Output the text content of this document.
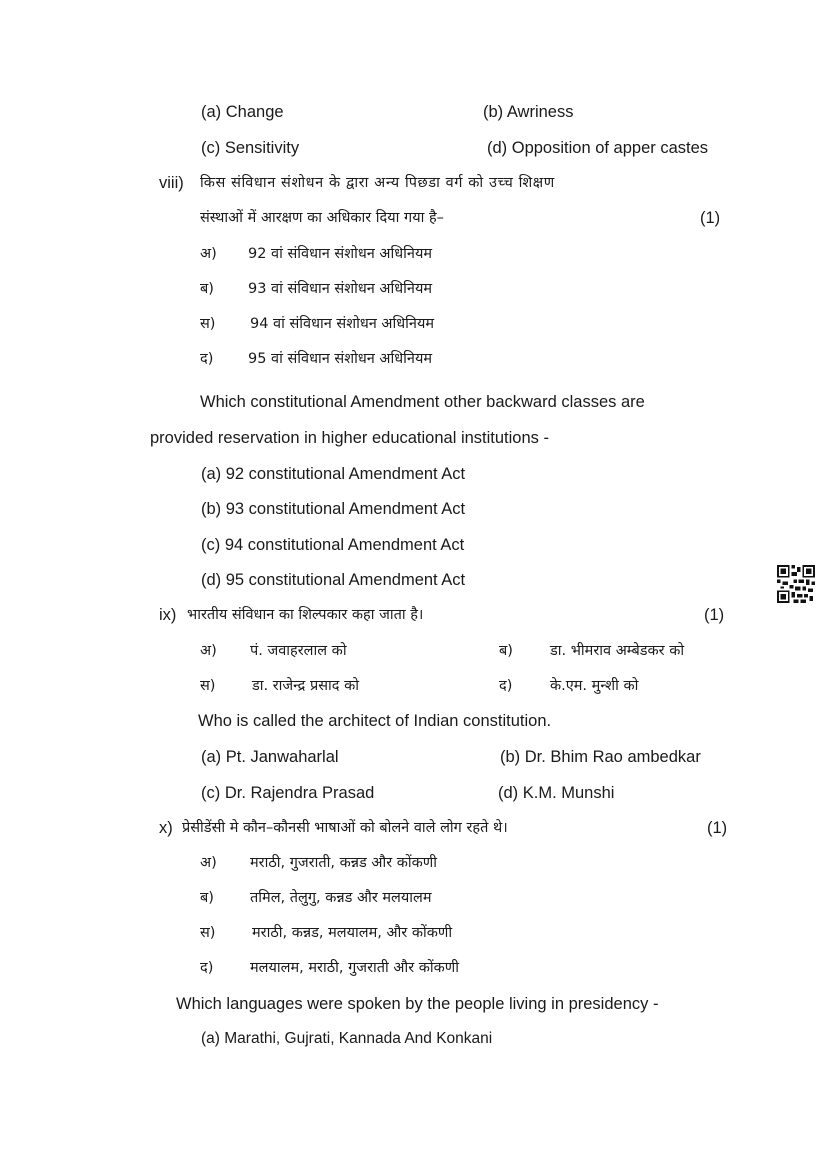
(a) Change	(b) Awriness
(c) Sensitivity	(d) Opposition of apper castes
viii) किस संविधान संशोधन के द्वारा अन्य पिछडा वर्ग को उच्च शिक्षण
संस्थाओं में आरक्षण का अधिकार दिया गया है–	(1)
अ) 92 वां संविधान संशोधन अधिनियम
ब) 93 वां संविधान संशोधन अधिनियम
स) 94 वां संविधान संशोधन अधिनियम
द) 95 वां संविधान संशोधन अधिनियम
Which constitutional Amendment other backward classes are
provided reservation in higher educational institutions -
(a) 92 constitutional Amendment Act
(b) 93 constitutional Amendment Act
(c) 94 constitutional Amendment Act
(d) 95 constitutional Amendment Act
ix) भारतीय संविधान का शिल्पकार कहा जाता है।	(1)
अ) पं. जवाहरलाल को	ब)	डा. भीमराव अम्बेडकर को
स)	डा. राजेन्द्र प्रसाद को	द)	के.एम. मुन्शी को
Who is called the architect of Indian constitution.
(a) Pt. Janwaharlal	(b) Dr. Bhim Rao ambedkar
(c) Dr. Rajendra Prasad	(d) K.M. Munshi
x) प्रेसीडेंसी मे कौन–कौनसी भाषाओं को बोलने वाले लोग रहते थे।	(1)
अ) मराठी, गुजराती, कन्नड और कोंकणी
ब) तमिल, तेलुगु, कन्नड और मलयालम
स)	मराठी, कन्नड, मलयालम, और कोंकणी
द)	मलयालम, मराठी, गुजराती और कोंकणी
Which languages were spoken by the people living in presidency -
(a) Marathi, Gujrati, Kannada And Konkani
